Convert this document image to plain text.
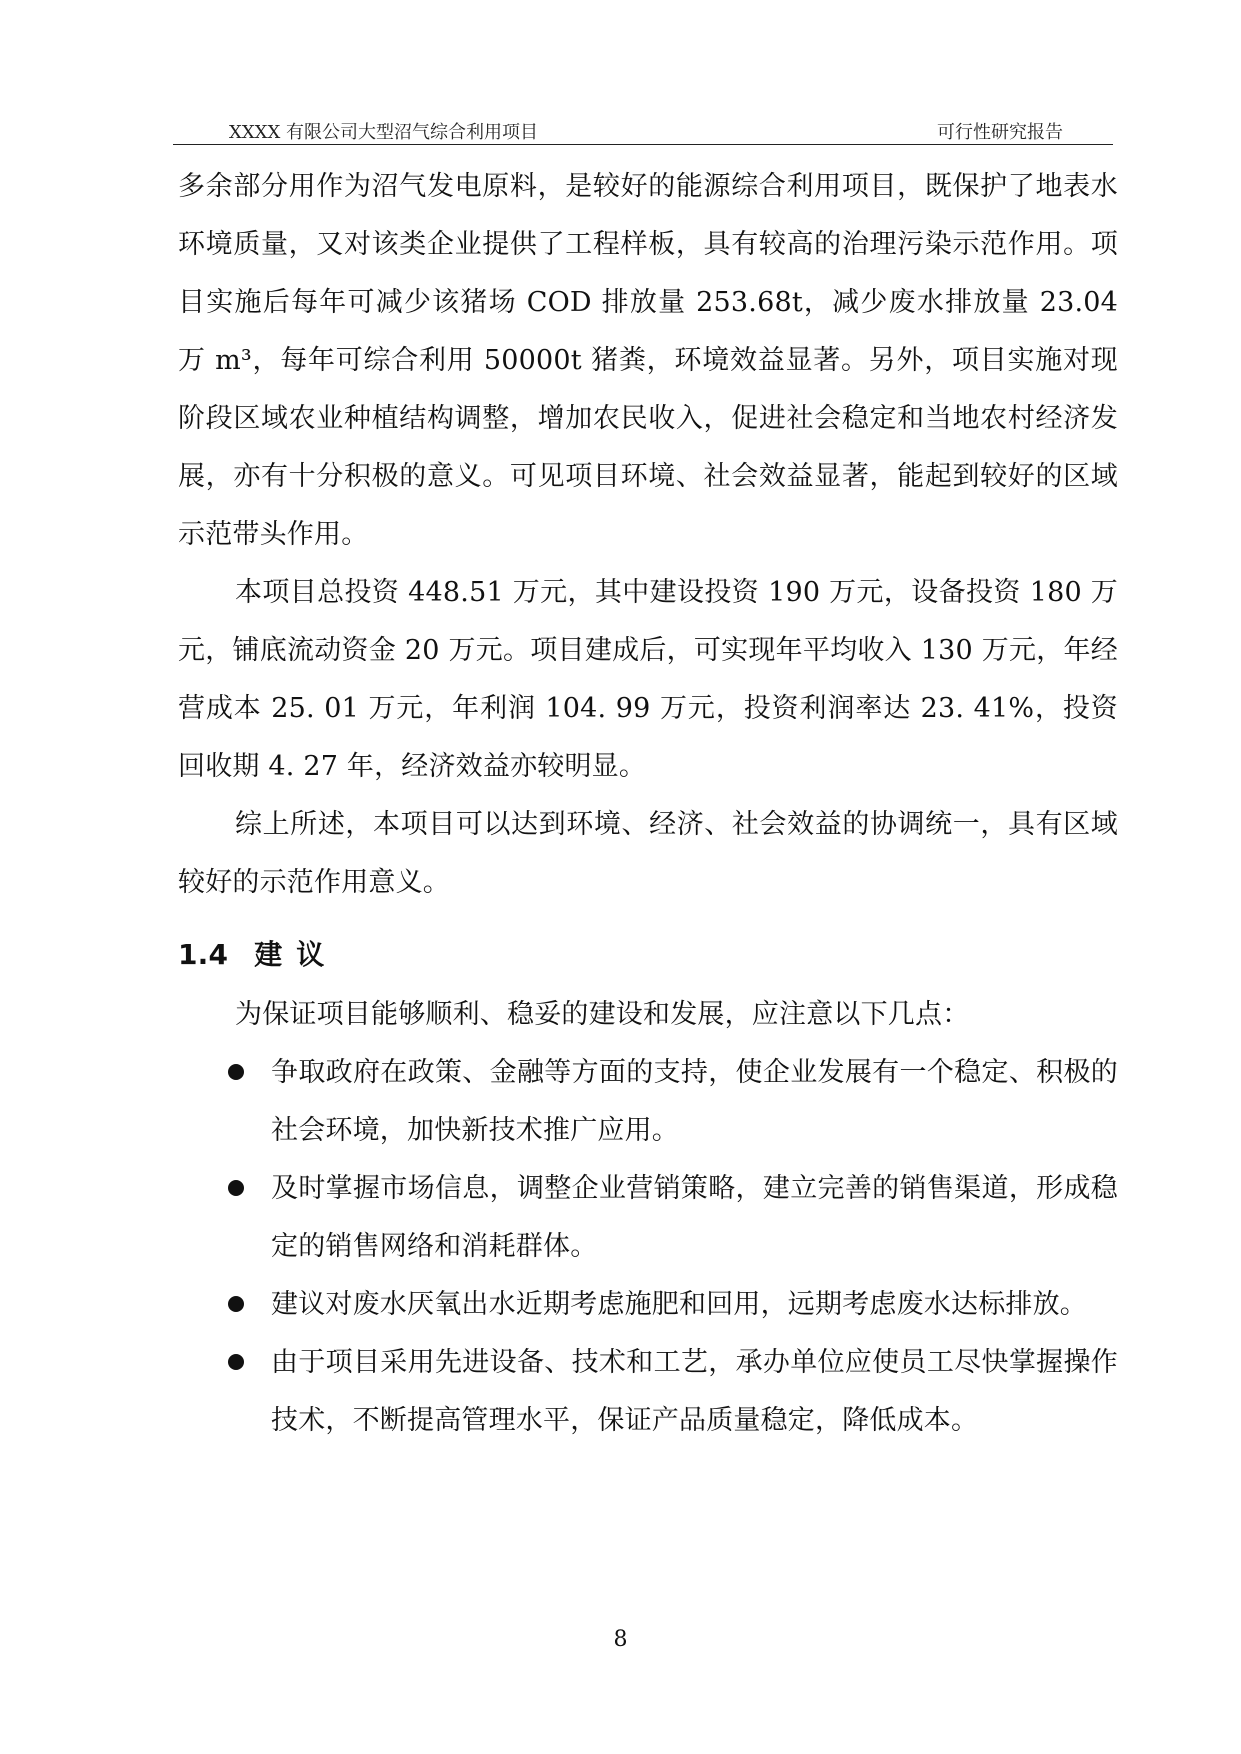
XXXX 有限公司大型沼气综合利用项目	可行性研究报告

多余部分用作为沼气发电原料，是较好的能源综合利用项目，既保护了地表水环境质量，又对该类企业提供了工程样板，具有较高的治理污染示范作用。项目实施后每年可减少该猪场 COD 排放量 253.68t，减少废水排放量 23.04 万 m³，每年可综合利用 50000t 猪粪，环境效益显著。另外，项目实施对现阶段区域农业种植结构调整，增加农民收入，促进社会稳定和当地农村经济发展，亦有十分积极的意义。可见项目环境、社会效益显著，能起到较好的区域示范带头作用。

本项目总投资 448.51 万元，其中建设投资 190 万元，设备投资 180 万元，铺底流动资金 20 万元。项目建成后，可实现年平均收入 130 万元，年经营成本 25. 01 万元，年利润 104. 99 万元，投资利润率达 23. 41%，投资回收期 4. 27 年，经济效益亦较明显。

综上所述，本项目可以达到环境、经济、社会效益的协调统一，具有区域较好的示范作用意义。

1.4 建议

为保证项目能够顺利、稳妥的建设和发展，应注意以下几点：

争取政府在政策、金融等方面的支持，使企业发展有一个稳定、积极的社会环境，加快新技术推广应用。
及时掌握市场信息，调整企业营销策略，建立完善的销售渠道，形成稳定的销售网络和消耗群体。
建议对废水厌氧出水近期考虑施肥和回用，远期考虑废水达标排放。
由于项目采用先进设备、技术和工艺，承办单位应使员工尽快掌握操作技术，不断提高管理水平，保证产品质量稳定，降低成本。
8
